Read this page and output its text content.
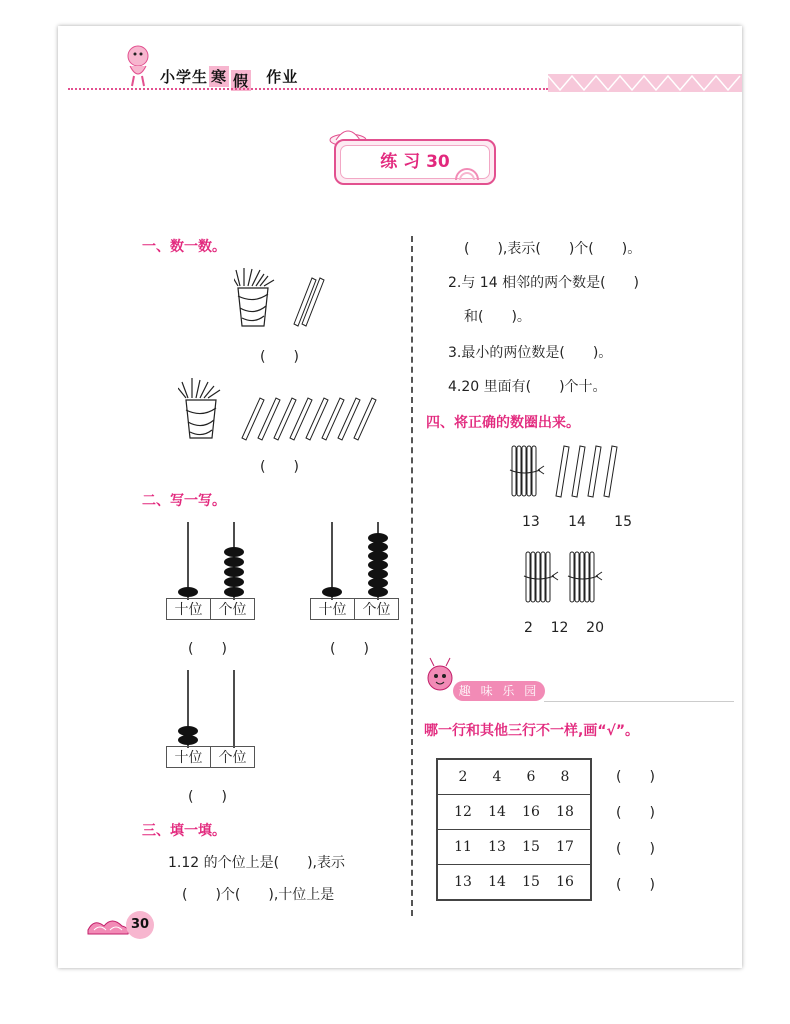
小学生 寒 假 作业
练 习 30
一、数一数。
(　　)
(　　)
二、写一写。
十位	个位
(　　)
十位	个位
(　　)
十位	个位
(　　)
三、填一填。
1.12 的个位上是(　　),表示
(　　)个(　　),十位上是
(　　),表示(　　)个(　　)。
2.与 14 相邻的两个数是(　　)
和(　　)。
3.最小的两位数是(　　)。
4.20 里面有(　　)个十。
四、将正确的数圈出来。
13 14 15
2 12 20
趣 味 乐 园
哪一行和其他三行不一样,画“√”。
2	4	6	8
12	14	16	18
11	13	15	17
13	14	15	16
(　　)
(　　)
(　　)
(　　)
30
